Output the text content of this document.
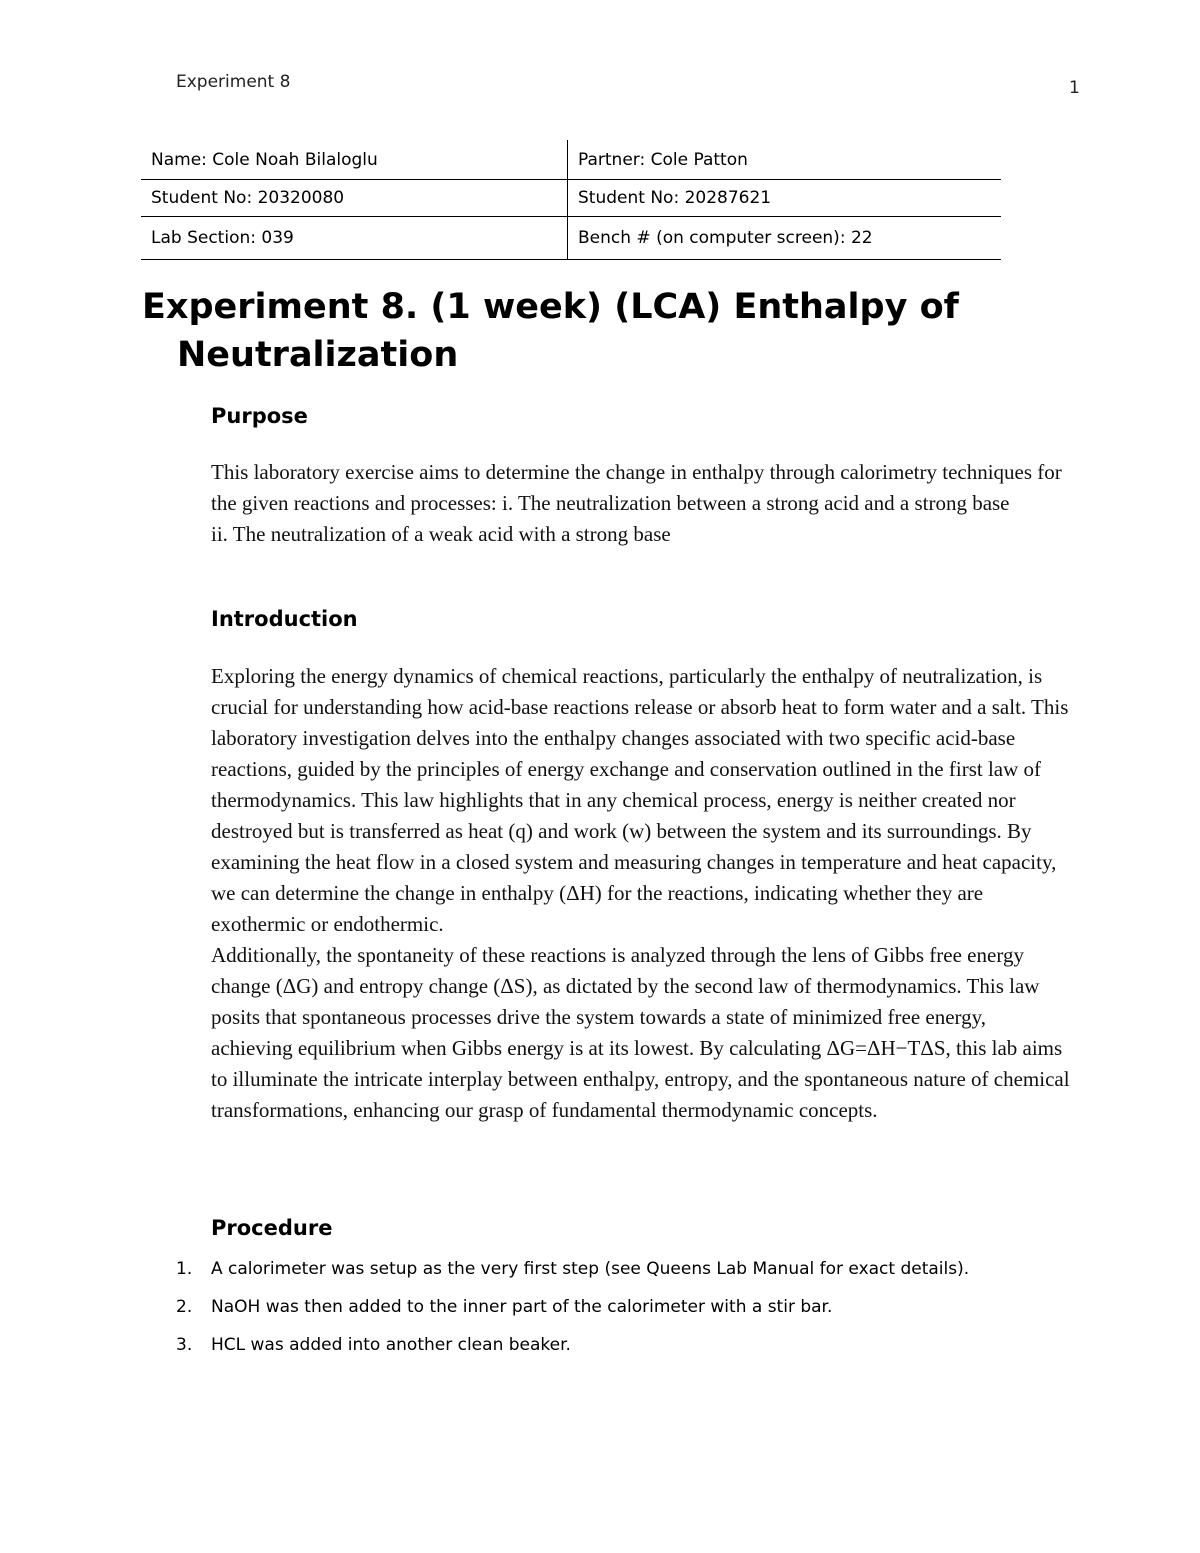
Experiment 8	1
Name: Cole Noah Bilaloglu	Partner: Cole Patton
Student No: 20320080	Student No: 20287621
Lab Section: 039	Bench # (on computer screen): 22
Experiment 8. (1 week) (LCA) Enthalpy of
Neutralization
Purpose

This laboratory exercise aims to determine the change in enthalpy through calorimetry techniques for the given reactions and processes: i. The neutralization between a strong acid and a strong base

ii. The neutralization of a weak acid with a strong base

Introduction

Exploring the energy dynamics of chemical reactions, particularly the enthalpy of neutralization, is crucial for understanding how acid-base reactions release or absorb heat to form water and a salt. This laboratory investigation delves into the enthalpy changes associated with two specific acid-base reactions, guided by the principles of energy exchange and conservation outlined in the first law of thermodynamics. This law highlights that in any chemical process, energy is neither created nor destroyed but is transferred as heat (q) and work (w) between the system and its surroundings. By examining the heat flow in a closed system and measuring changes in temperature and heat capacity, we can determine the change in enthalpy (ΔH) for the reactions, indicating whether they are exothermic or endothermic.

Additionally, the spontaneity of these reactions is analyzed through the lens of Gibbs free energy change (ΔG) and entropy change (ΔS), as dictated by the second law of thermodynamics. This law posits that spontaneous processes drive the system towards a state of minimized free energy, achieving equilibrium when Gibbs energy is at its lowest. By calculating ΔG=ΔH−TΔS, this lab aims to illuminate the intricate interplay between enthalpy, entropy, and the spontaneous nature of chemical transformations, enhancing our grasp of fundamental thermodynamic concepts.

Procedure
1.	A calorimeter was setup as the very first step (see Queens Lab Manual for exact details).
2.	NaOH was then added to the inner part of the calorimeter with a stir bar.
3.	HCL was added into another clean beaker.
